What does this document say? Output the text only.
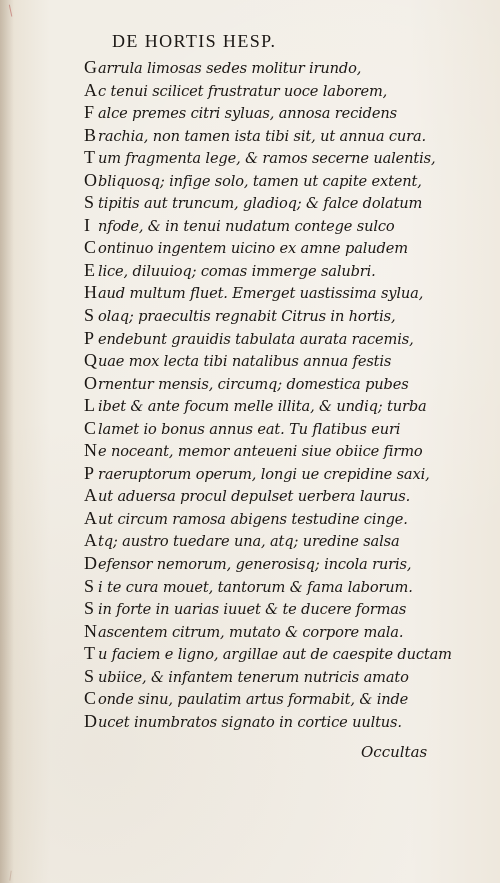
DE HORTIS HESP.
G arrula limosas sedes molitur irundo,
A c tenui scilicet frustratur uoce laborem,
F alce premes citri syluas, annosa recidens
B rachia, non tamen ista tibi sit, ut annua cura.
T um fragmenta lege, & ramos secerne ualentis,
O bliquosq; infige solo, tamen ut capite extent,
S tipitis aut truncum, gladioq; & falce dolatum
I nfode, & in tenui nudatum contege sulco
C ontinuo ingentem uicino ex amne paludem
E lice, diluuioq; comas immerge salubri.
H aud multum fluet. Emerget uastissima sylua,
S olaq; praecultis regnabit Citrus in hortis,
P endebunt grauidis tabulata aurata racemis,
Q uae mox lecta tibi natalibus annua festis
O rnentur mensis, circumq; domestica pubes
L ibet & ante focum melle illita, & undiq; turba
C lamet io bonus annus eat. Tu flatibus euri
N e noceant, memor anteueni siue obiice firmo
P raeruptorum operum, longi ue crepidine saxi,
A ut aduersa procul depulset uerbera laurus.
A ut circum ramosa abigens testudine cinge.
A tq; austro tuedare una, atq; uredine salsa
D efensor nemorum, generosisq; incola ruris,
S i te cura mouet, tantorum & fama laborum.
S in forte in uarias iuuet & te ducere formas
N ascentem citrum, mutato & corpore mala.
T u faciem e ligno, argillae aut de caespite ductam
S ubiice, & infantem tenerum nutricis amato
C onde sinu, paulatim artus formabit, & inde
D ucet inumbratos signato in cortice uultus.
Occultas
